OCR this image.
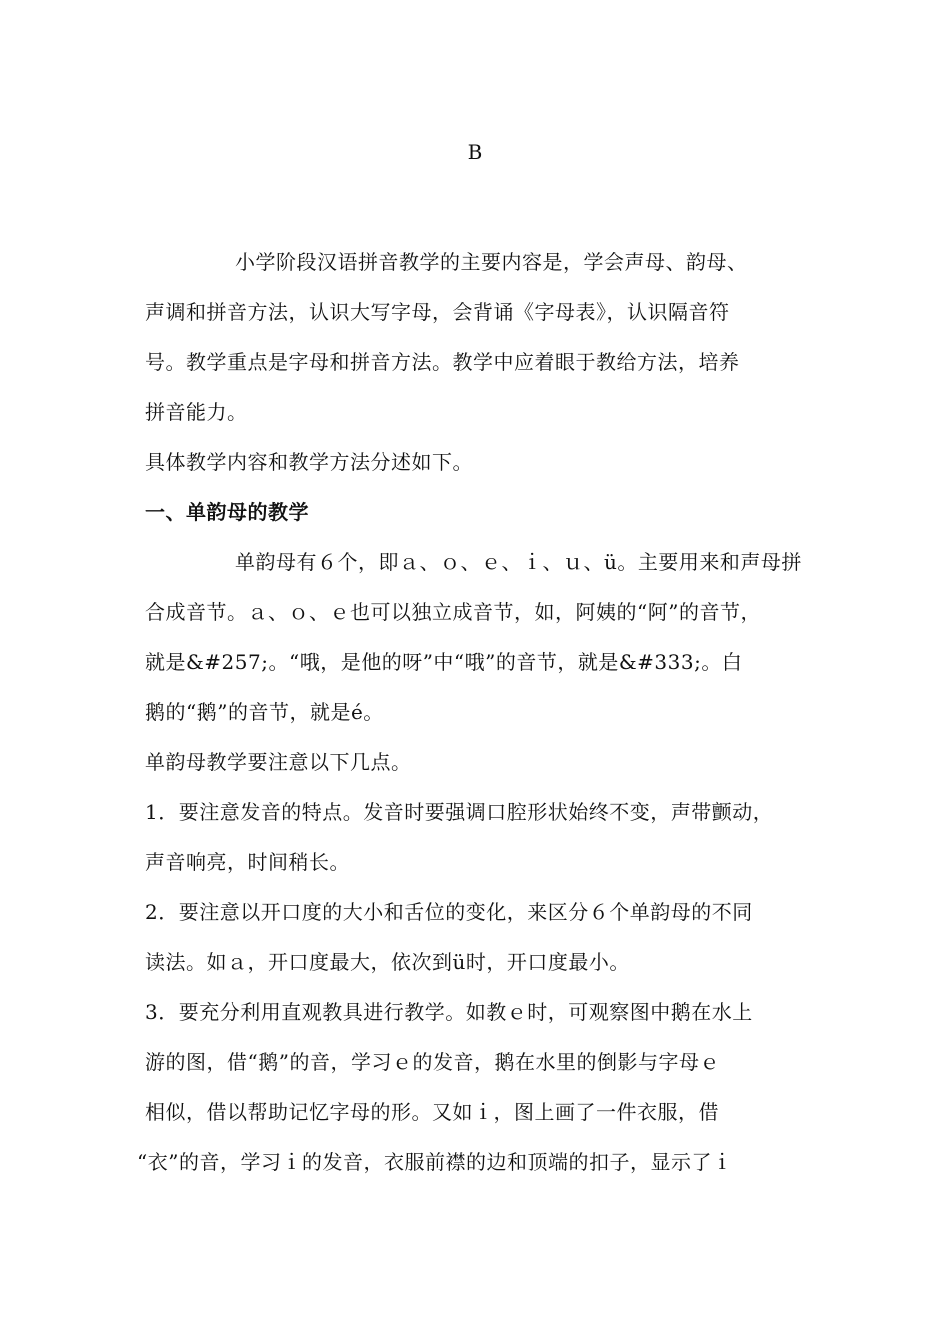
B
小学阶段汉语拼音教学的主要内容是，学会声母、韵母、
声调和拼音方法，认识大写字母，会背诵《字母表》，认识隔音符
号。教学重点是字母和拼音方法。教学中应着眼于教给方法，培养
拼音能力。
具体教学内容和教学方法分述如下。
一、单韵母的教学
单韵母有６个，即ａ、ｏ、ｅ、ｉ、ｕ、ü。主要用来和声母拼
合成音节。ａ、ｏ、ｅ也可以独立成音节，如，阿姨的“阿”的音节，
就是&#257;。“哦，是他的呀”中“哦”的音节，就是&#333;。白
鹅的“鹅”的音节，就是é。
单韵母教学要注意以下几点。
1．要注意发音的特点。发音时要强调口腔形状始终不变，声带颤动，
声音响亮，时间稍长。
2．要注意以开口度的大小和舌位的变化，来区分６个单韵母的不同
读法。如ａ，开口度最大，依次到ü时，开口度最小。
3．要充分利用直观教具进行教学。如教ｅ时，可观察图中鹅在水上
游的图，借“鹅”的音，学习ｅ的发音，鹅在水里的倒影与字母ｅ
相似，借以帮助记忆字母的形。又如ｉ，图上画了一件衣服，借
“衣”的音，学习ｉ的发音，衣服前襟的边和顶端的扣子，显示了ｉ
